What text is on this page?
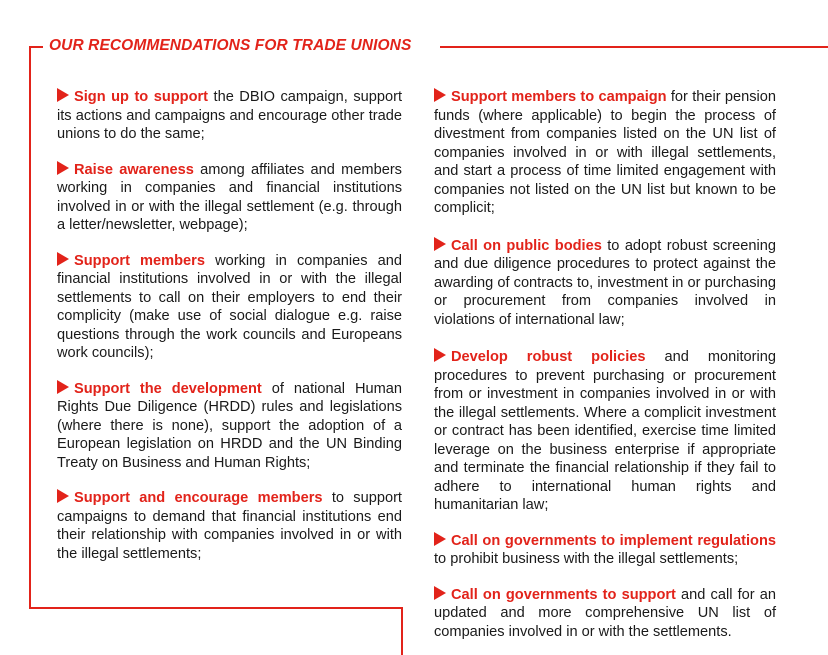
OUR RECOMMENDATIONS FOR TRADE UNIONS

Sign up to support the DBIO campaign, support its actions and campaigns and encourage other trade unions to do the same;

Raise awareness among affiliates and members working in companies and financial institutions involved in or with the illegal settlement (e.g. through a letter/newsletter, webpage);

Support members working in companies and financial institutions involved in or with the illegal settlements to call on their employers to end their complicity (make use of social dialogue e.g. raise questions through the work councils and Europeans work councils);

Support the development of national Human Rights Due Diligence (HRDD) rules and legislations (where there is none), support the adoption of a European legislation on HRDD and the UN Binding Treaty on Business and Human Rights;

Support and encourage members to support campaigns to demand that financial institutions end their relationship with companies involved in or with the illegal settlements;

Support members to campaign for their pension funds (where applicable) to begin the process of divestment from companies listed on the UN list of companies involved in or with illegal settlements, and start a process of time limited engagement with companies not listed on the UN list but known to be complicit;

Call on public bodies to adopt robust screening and due diligence procedures to protect against the awarding of contracts to, investment in or purchasing or procurement from companies involved in violations of international law;

Develop robust policies and monitoring procedures to prevent purchasing or procurement from or investment in companies involved in or with the illegal settlements. Where a complicit investment or contract has been identified, exercise time limited leverage on the business enterprise if appropriate and terminate the financial relationship if they fail to adhere to international human rights and humanitarian law;

Call on governments to implement regulations to prohibit business with the illegal settlements;

Call on governments to support and call for an updated and more comprehensive UN list of companies involved in or with the settlements.
